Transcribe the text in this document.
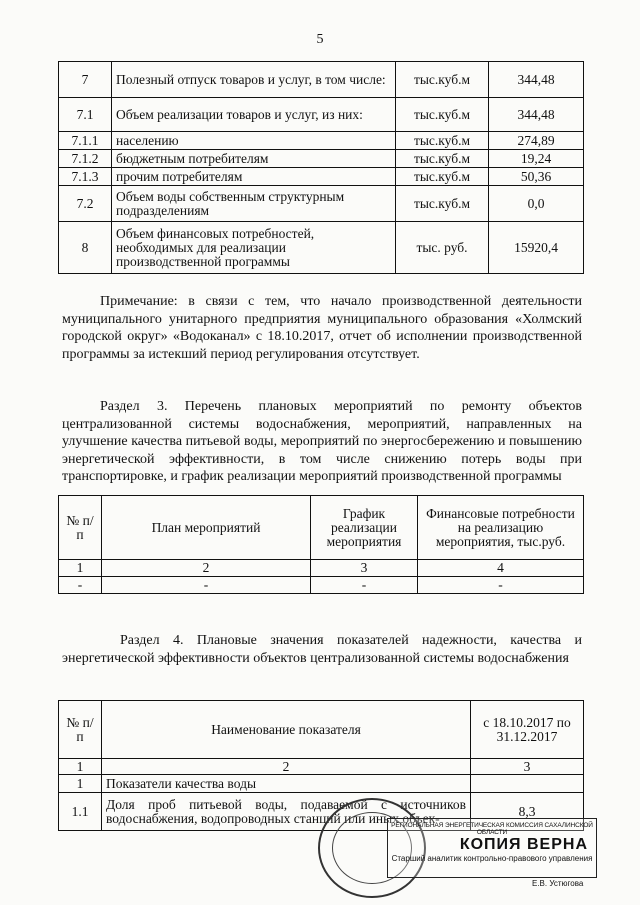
5
7	Полезный отпуск товаров и услуг, в том числе:	тыс.куб.м	344,48
7.1	Объем реализации товаров и услуг, из них:	тыс.куб.м	344,48
7.1.1	населению	тыс.куб.м	274,89
7.1.2	бюджетным потребителям	тыс.куб.м	19,24
7.1.3	прочим потребителям	тыс.куб.м	50,36
7.2	Объем воды собственным структурным подразделениям	тыс.куб.м	0,0
8	Объем финансовых потребностей, необходимых для реализации производственной программы	тыс. руб.	15920,4

Примечание: в связи с тем, что начало производственной деятельности муниципального унитарного предприятия муниципального образования «Холмский городской округ» «Водоканал» с 18.10.2017, отчет об исполнении производственной программы за истекший период регулирования отсутствует.

Раздел 3. Перечень плановых мероприятий по ремонту объектов централизованной системы водоснабжения, мероприятий, направленных на улучшение качества питьевой воды, мероприятий по энергосбережению и повышению энергетической эффективности, в том числе снижению потерь воды при транспортировке, и график реализации мероприятий производственной программы

№ п/п	План мероприятий	График реализации мероприятия	Финансовые потребности на реализацию мероприятия, тыс.руб.
1	2	3	4
-	-	-	-

Раздел 4. Плановые значения показателей надежности, качества и энергетической эффективности объектов централизованной системы водоснабжения

№ п/п	Наименование показателя	с 18.10.2017 по 31.12.2017
1	2	3
1	Показатели качества воды	
1.1	Доля проб питьевой воды, подаваемой с источников водоснабжения, водопроводных станций или иных объек-	8,3
РЕГИОНАЛЬНАЯ ЭНЕРГЕТИЧЕСКАЯ КОМИССИЯ САХАЛИНСКОЙ ОБЛАСТИ
КОПИЯ ВЕРНА
Старший аналитик контрольно-правового управления
Е.В. Устюгова
